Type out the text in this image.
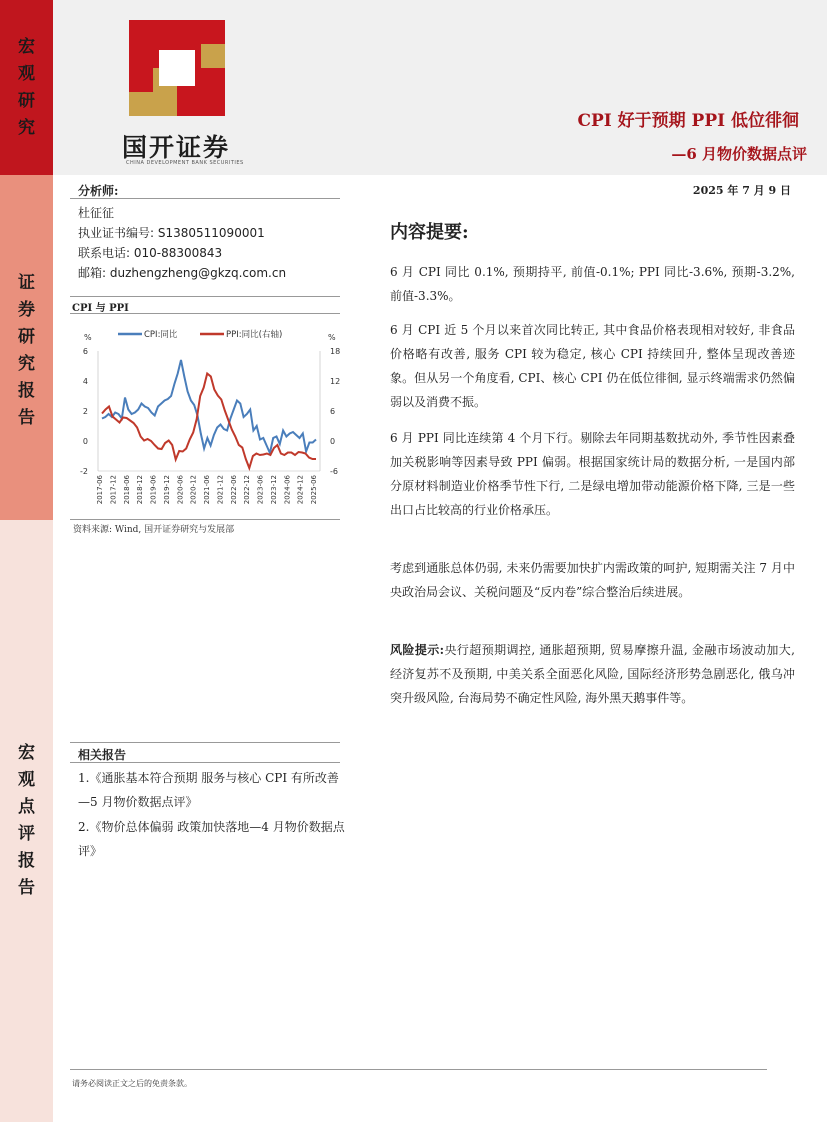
宏
观
研
究
证
券
研
究
报
告
宏
观
点
评
报
告
国开证券
CHINA DEVELOPMENT BANK SECURITIES
CPI 好于预期 PPI 低位徘徊
—6 月物价数据点评
分析师:	2025 年 7 月 9 日
杜征征
执业证书编号: S1380511090001
联系电话: 010-88300843
邮箱: duzhengzheng@gkzq.com.cn
CPI 与 PPI
%	%
6
4
2
0
-2
18
12
6
0
-6
2017-06 2017-12 2018-06 2018-12 2019-06 2019-12 2020-06 2020-12 2021-06 2021-12 2022-06 2022-12 2023-06 2023-12 2024-06 2024-12 2025-06
CPI:同比	PPI:同比(右轴)
资料来源: Wind, 国开证券研究与发展部
内容提要:
6 月 CPI 同比 0.1%, 预期持平, 前值-0.1%; PPI 同比-3.6%, 预期-3.2%, 前值-3.3%。
6 月 CPI 近 5 个月以来首次同比转正, 其中食品价格表现相对较好, 非食品价格略有改善, 服务 CPI 较为稳定, 核心 CPI 持续回升, 整体呈现改善迹象。但从另一个角度看, CPI、核心 CPI 仍在低位徘徊, 显示终端需求仍然偏弱以及消费不振。
6 月 PPI 同比连续第 4 个月下行。剔除去年同期基数扰动外, 季节性因素叠加关税影响等因素导致 PPI 偏弱。根据国家统计局的数据分析, 一是国内部分原材料制造业价格季节性下行, 二是绿电增加带动能源价格下降, 三是一些出口占比较高的行业价格承压。
考虑到通胀总体仍弱, 未来仍需要加快扩内需政策的呵护, 短期需关注 7 月中央政治局会议、关税问题及“反内卷”综合整治后续进展。
风险提示:央行超预期调控, 通胀超预期, 贸易摩擦升温, 金融市场波动加大, 经济复苏不及预期, 中美关系全面恶化风险, 国际经济形势急剧恶化, 俄乌冲突升级风险, 台海局势不确定性风险, 海外黑天鹅事件等。
相关报告
1.《通胀基本符合预期 服务与核心 CPI 有所改善 —5 月物价数据点评》
2.《物价总体偏弱 政策加快落地—4 月物价数据点评》
请务必阅读正文之后的免责条款。
